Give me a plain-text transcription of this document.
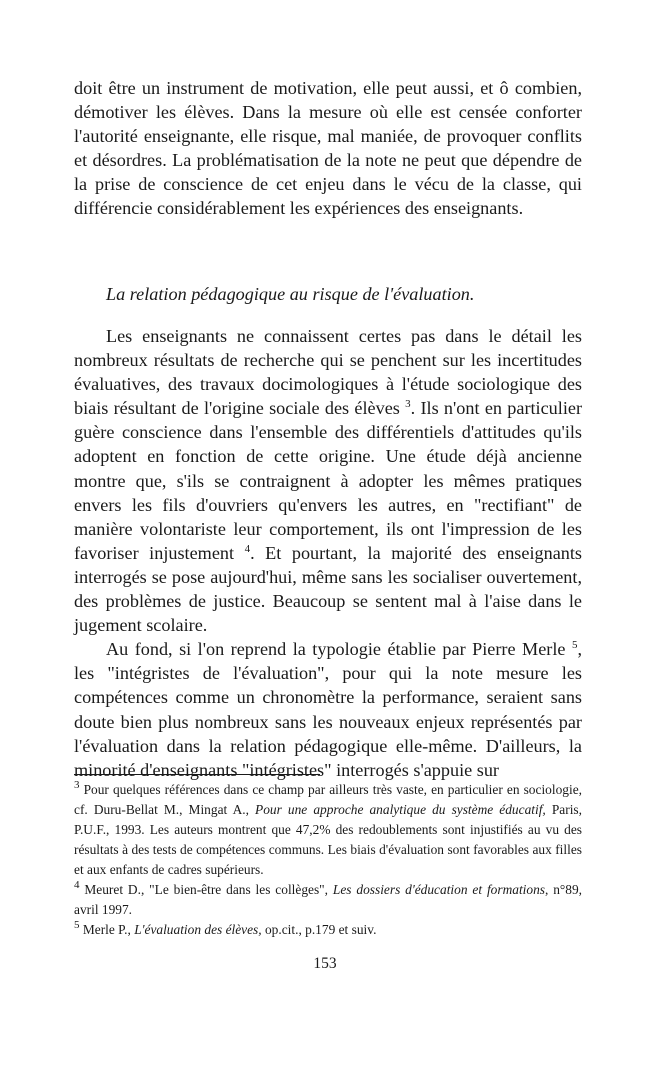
doit être un instrument de motivation, elle peut aussi, et ô combien, démotiver les élèves. Dans la mesure où elle est censée conforter l'autorité enseignante, elle risque, mal maniée, de provoquer conflits et désordres. La problématisation de la note ne peut que dépendre de la prise de conscience de cet enjeu dans le vécu de la classe, qui différencie considérablement les expériences des enseignants.

La relation pédagogique au risque de l'évaluation.

Les enseignants ne connaissent certes pas dans le détail les nombreux résultats de recherche qui se penchent sur les incertitudes évaluatives, des travaux docimologiques à l'étude sociologique des biais résultant de l'origine sociale des élèves $^3$. Ils n'ont en particulier guère conscience dans l'ensemble des différentiels d'attitudes qu'ils adoptent en fonction de cette origine. Une étude déjà ancienne montre que, s'ils se contraignent à adopter les mêmes pratiques envers les fils d'ouvriers qu'envers les autres, en "rectifiant" de manière volontariste leur comportement, ils ont l'impression de les favoriser injustement $^4$. Et pourtant, la majorité des enseignants interrogés se pose aujourd'hui, même sans les socialiser ouvertement, des problèmes de justice. Beaucoup se sentent mal à l'aise dans le jugement scolaire.

Au fond, si l'on reprend la typologie établie par Pierre Merle $^5$, les "intégristes de l'évaluation", pour qui la note mesure les compétences comme un chronomètre la performance, seraient sans doute bien plus nombreux sans les nouveaux enjeux représentés par l'évaluation dans la relation pédagogique elle-même. D'ailleurs, la minorité d'enseignants "intégristes" interrogés s'appuie sur

$^3$ Pour quelques références dans ce champ par ailleurs très vaste, en particulier en sociologie, cf. Duru-Bellat M., Mingat A., Pour une approche analytique du système éducatif, Paris, P.U.F., 1993. Les auteurs montrent que 47,2% des redoublements sont injustifiés au vu des résultats à des tests de compétences communs. Les biais d'évaluation sont favorables aux filles et aux enfants de cadres supérieurs.

$^4$ Meuret D., "Le bien-être dans les collèges", Les dossiers d'éducation et formations, n°89, avril 1997.

$^5$ Merle P., L'évaluation des élèves, op.cit., p.179 et suiv.

153
